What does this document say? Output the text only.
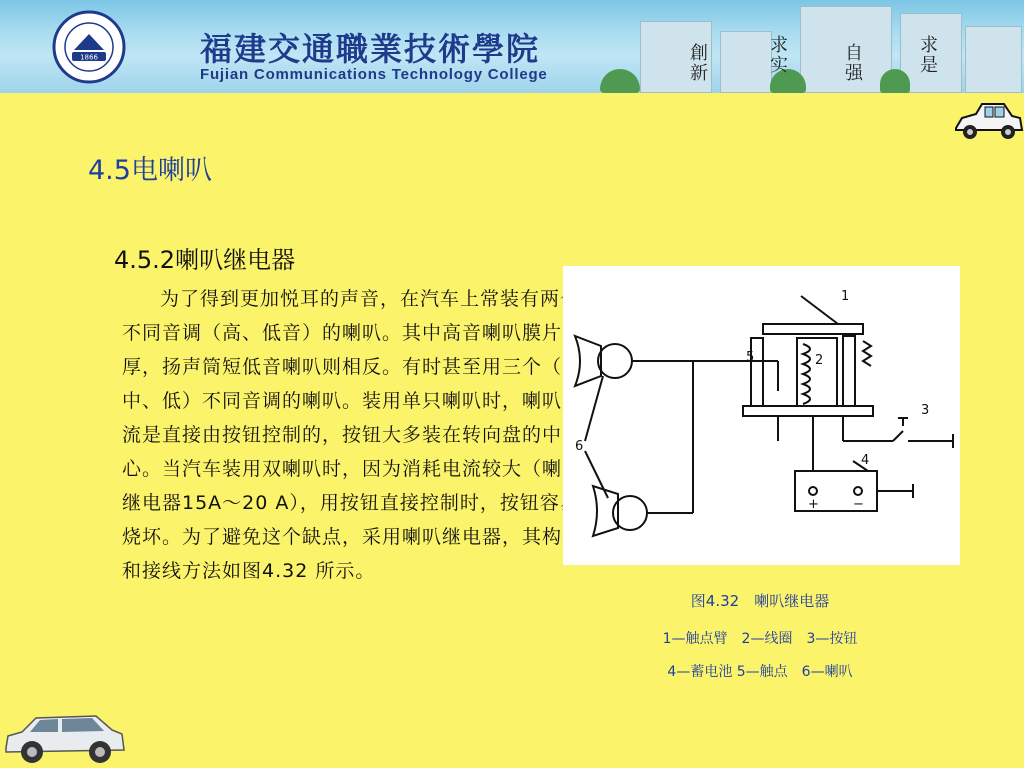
1866	福建交通職業技術學院

Fujian Communications Technology College

創新
求实
自强
求是
4.5电喇叭
4.5.2喇叭继电器

为了得到更加悦耳的声音，在汽车上常装有两个不同音调（高、低音）的喇叭。其中高音喇叭膜片厚，扬声筒短低音喇叭则相反。有时甚至用三个（高中、低）不同音调的喇叭。装用单只喇叭时，喇叭电流是直接由按钮控制的，按钮大多装在转向盘的中心。当汽车装用双喇叭时，因为消耗电流较大（喇叭继电器15A～20 A），用按钮直接控制时，按钮容易烧坏。为了避免这个缺点，采用喇叭继电器，其构造和接线方法如图4.32 所示。

1
2
3
4
5
6
+	−

图4.32　喇叭继电器

1—触点臂　2—线圈　3—按钮

4—蓄电池 5—触点　6—喇叭
